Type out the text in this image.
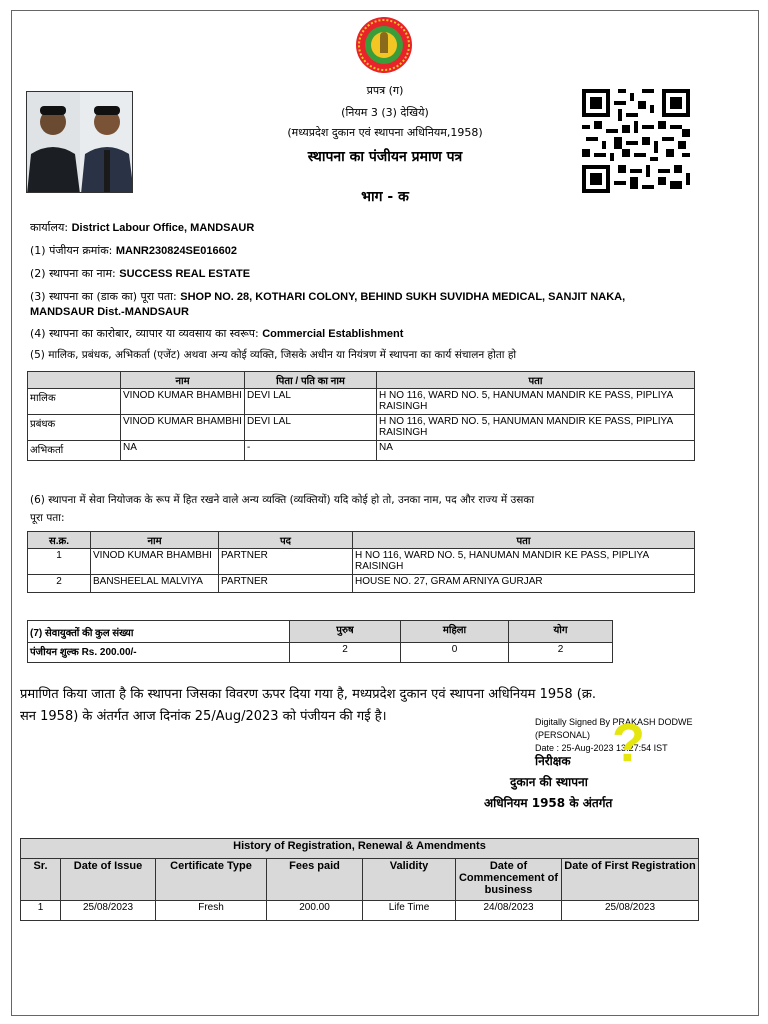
प्रपत्र (ग)
(नियम 3 (3) देखिये)
(मध्यप्रदेश दुकान एवं स्थापना अधिनियम,1958)
स्थापना का पंजीयन प्रमाण पत्र
भाग - क
कार्यालय: District Labour Office, MANDSAUR
(1) पंजीयन क्रमांक: MANR230824SE016602
(2) स्थापना का नाम: SUCCESS REAL ESTATE
(3) स्थापना का (डाक का) पूरा पता: SHOP NO. 28, KOTHARI COLONY, BEHIND SUKH SUVIDHA MEDICAL, SANJIT NAKA,
MANDSAUR Dist.-MANDSAUR
(4) स्थापना का कारोबार, व्यापार या व्यवसाय का स्वरूप: Commercial Establishment
(5) मालिक, प्रबंधक, अभिकर्ता (एजेंट) अथवा अन्य कोई व्यक्ति, जिसके अधीन या नियंत्रण में स्थापना का कार्य संचालन होता हो
	नाम	पिता / पति का नाम	पता
मालिक	VINOD KUMAR BHAMBHI	DEVI LAL	H NO 116, WARD NO. 5, HANUMAN MANDIR KE PASS, PIPLIYA RAISINGH
प्रबंधक	VINOD KUMAR BHAMBHI	DEVI LAL	H NO 116, WARD NO. 5, HANUMAN MANDIR KE PASS, PIPLIYA RAISINGH
अभिकर्ता	NA	-	NA
(6) स्थापना में सेवा नियोजक के रूप में हित रखने वाले अन्य व्यक्ति (व्यक्तियों) यदि कोई हो तो, उनका नाम, पद और राज्य में उसका
पूरा पता:
स.क्र.	नाम	पद	पता
1	VINOD KUMAR BHAMBHI	PARTNER	H NO 116, WARD NO. 5, HANUMAN MANDIR KE PASS, PIPLIYA RAISINGH
2	BANSHEELAL MALVIYA	PARTNER	HOUSE NO. 27, GRAM ARNIYA GURJAR
(7) सेवायुक्तों की कुल संख्या	पुरुष	महिला	योग
पंजीयन शुल्क Rs. 200.00/-	2	0	2
प्रमाणित किया जाता है कि स्थापना जिसका विवरण ऊपर दिया गया है, मध्यप्रदेश दुकान एवं स्थापना अधिनियम 1958 (क्र.
सन 1958) के अंतर्गत आज दिनांक 25/Aug/2023 को पंजीयन की गई है।	Digitally Signed By PRAKASH DODWE
(PERSONAL)
Date : 25-Aug-2023 13:27:54 IST
?
निरीक्षक
दुकान की स्थापना
अधिनियम 1958 के अंतर्गत
History of Registration, Renewal & Amendments						
Sr.	Date of Issue	Certificate Type	Fees paid	Validity	Date of Commencement of business	Date of First Registration
1	25/08/2023	Fresh	200.00	Life Time	24/08/2023	25/08/2023
